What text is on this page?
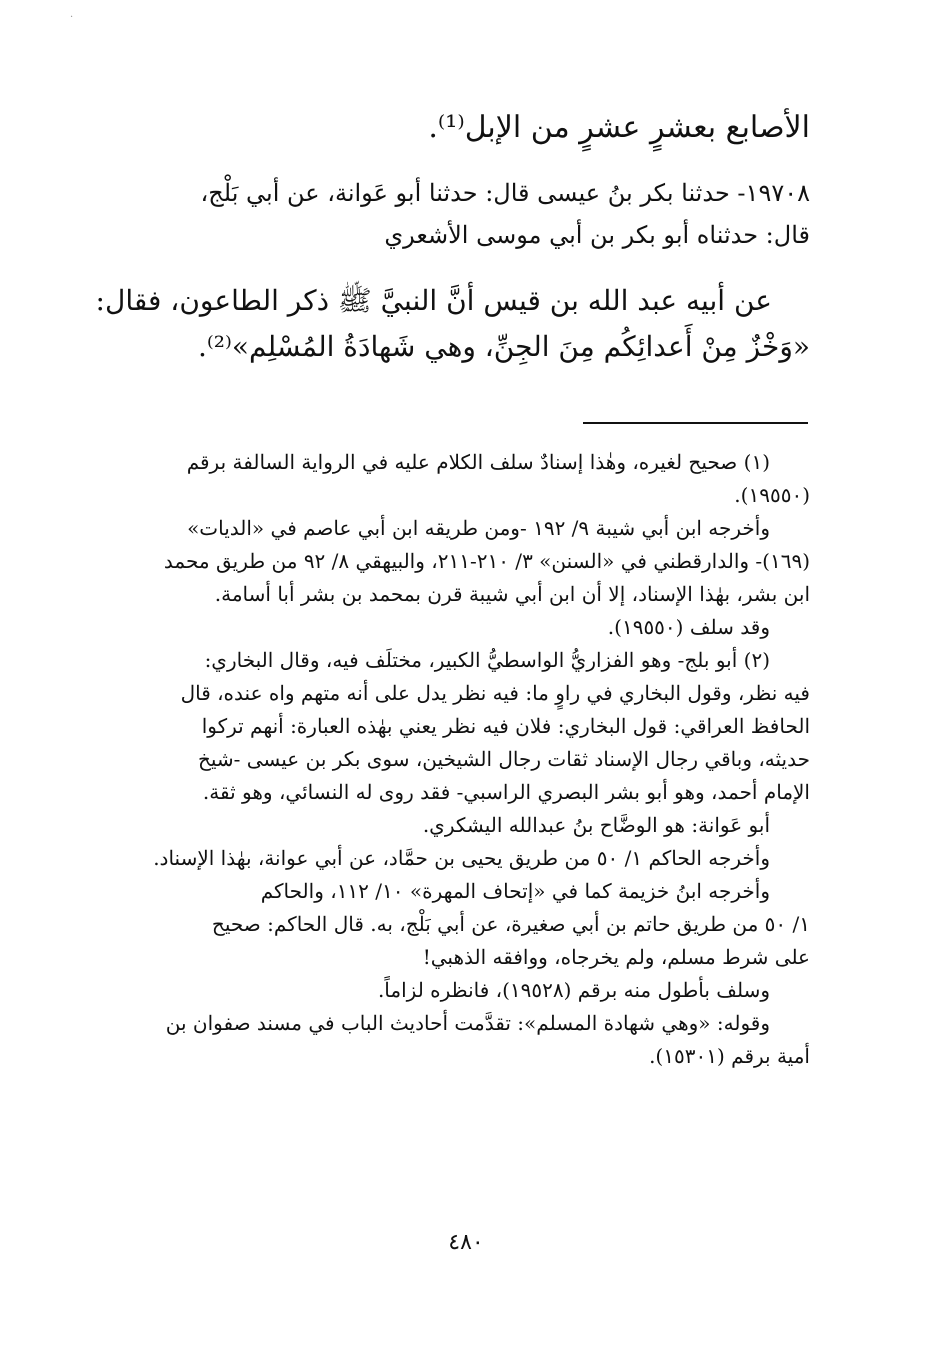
·
الأصابع بعشرٍ عشرٍ من الإبل⁽¹⁾.
١٩٧٠٨- حدثنا بكر بنُ عيسى قال: حدثنا أبو عَوانة، عن أبي بَلْج،
قال: حدثناه أبو بكر بن أبي موسى الأشعري
عن أبيه عبد الله بن قيس أنَّ النبيَّ ﷺ ذكر الطاعون، فقال:
«وَخْزٌ مِنْ أَعدائِكُم مِنَ الجِنِّ، وهي شَهادَةُ المُسْلِم»⁽²⁾.

(١) صحيح لغيره، وهٰذا إسنادٌ سلف الكلام عليه في الرواية السالفة برقم

(١٩٥٥٠).

وأخرجه ابن أبي شيبة ٩/ ١٩٢ -ومن طريقه ابن أبي عاصم في «الديات»

(١٦٩)- والدارقطني في «السنن» ٣/ ٢١٠-٢١١، والبيهقي ٨/ ٩٢ من طريق محمد

ابن بشر، بهٰذا الإسناد، إلا أن ابن أبي شيبة قرن بمحمد بن بشر أبا أسامة.

وقد سلف (١٩٥٥٠).

(٢) أبو بلج- وهو الفزاريُّ الواسطيُّ الكبير، مختلَف فيه، وقال البخاري:

فيه نظر، وقول البخاري في راوٍ ما: فيه نظر يدل على أنه متهم واه عنده، قال

الحافظ العراقي: قول البخاري: فلان فيه نظر يعني بهٰذه العبارة: أنهم تركوا

حديثه، وباقي رجال الإسناد ثقات رجال الشيخين، سوى بكر بن عيسى -شيخ

الإمام أحمد، وهو أبو بشر البصري الراسبي- فقد روى له النسائي، وهو ثقة.

أبو عَوانة: هو الوضَّاح بنُ عبدالله اليشكري.

وأخرجه الحاكم ١/ ٥٠ من طريق يحيى بن حمَّاد، عن أبي عوانة، بهٰذا الإسناد.

وأخرجه ابنُ خزيمة كما في «إتحاف المهرة» ١٠/ ١١٢، والحاكم

١/ ٥٠ من طريق حاتم بن أبي صغيرة، عن أبي بَلْج، به. قال الحاكم: صحيح

على شرط مسلم، ولم يخرجاه، ووافقه الذهبي!

وسلف بأطول منه برقم (١٩٥٢٨)، فانظره لزاماً.

وقوله: «وهي شهادة المسلم»: تقدَّمت أحاديث الباب في مسند صفوان بن

أمية برقم (١٥٣٠١).

٤٨٠
